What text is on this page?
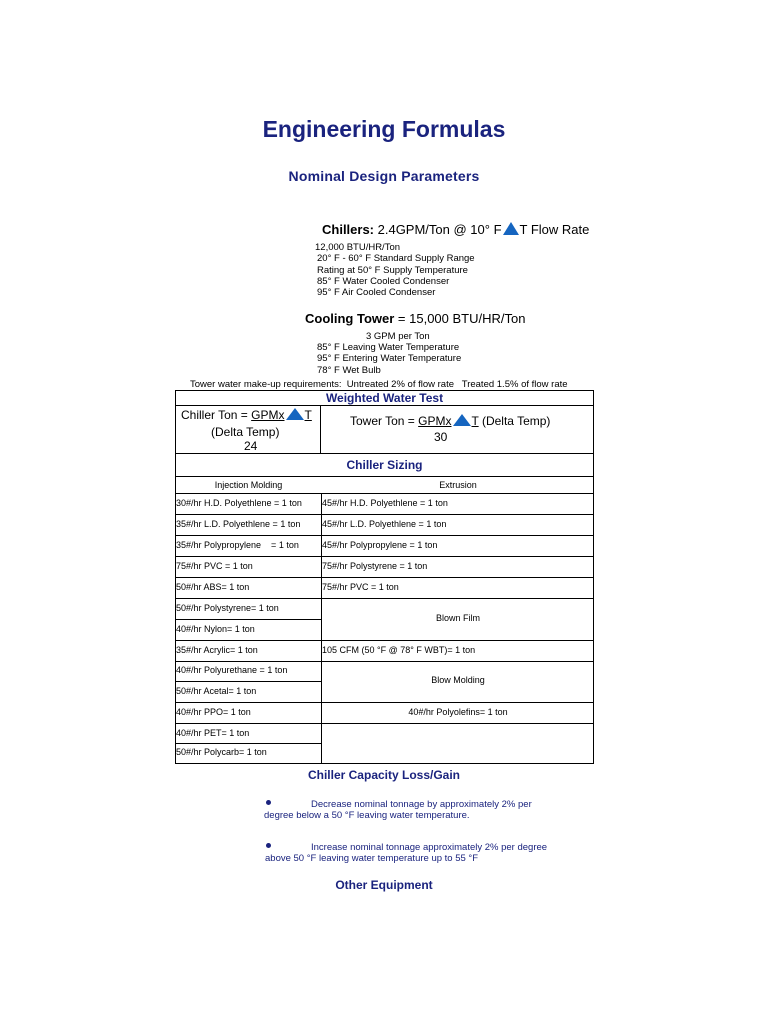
Engineering Formulas
Nominal Design Parameters
Chillers: 2.4GPM/Ton @ 10° F T Flow Rate
12,000 BTU/HR/Ton
20° F - 60° F Standard Supply Range
Rating at 50° F Supply Temperature
85° F Water Cooled Condenser
95° F Air Cooled Condenser
Cooling Tower = 15,000 BTU/HR/Ton
3 GPM per Ton
85° F Leaving Water Temperature
95° F Entering Water Temperature
78° F Wet Bulb
Tower water make-up requirements:  Untreated 2% of flow rate   Treated 1.5% of flow rate
Weighted Water Test
Chiller Ton = GPMx T
(Delta Temp)
24
Tower Ton = GPMx T (Delta Temp)
30
Chiller Sizing
Injection Molding	Extrusion
30#/hr H.D. Polyethlene = 1 ton
35#/hr L.D. Polyethlene = 1 ton
35#/hr Polypropylene    = 1 ton
75#/hr PVC = 1 ton
50#/hr ABS= 1 ton
50#/hr Polystyrene= 1 ton
40#/hr Nylon= 1 ton
35#/hr Acrylic= 1 ton
40#/hr Polyurethane = 1 ton
50#/hr Acetal= 1 ton
40#/hr PPO= 1 ton
40#/hr PET= 1 ton
50#/hr Polycarb= 1 ton
45#/hr H.D. Polyethlene = 1 ton
45#/hr L.D. Polyethlene = 1 ton
45#/hr Polypropylene = 1 ton
75#/hr Polystyrene = 1 ton
75#/hr PVC = 1 ton
Blown Film
105 CFM (50 °F @ 78° F WBT)= 1 ton
Blow Molding
40#/hr Polyolefins= 1 ton
Chiller Capacity Loss/Gain
Decrease nominal tonnage by approximately 2% per
degree below a 50 °F leaving water temperature.
Increase nominal tonnage approximately 2% per degree
above 50 °F leaving water temperature up to 55 °F
Other Equipment
